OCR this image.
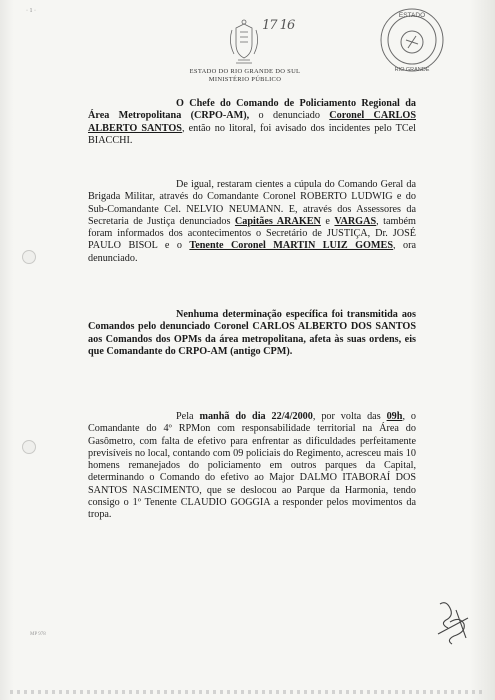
· 1 ·
17 16
ESTADO
RIO GRANDE
ESTADO DO RIO GRANDE DO SUL
MINISTÉRIO PÚBLICO

O Chefe do Comando de Policiamento Regional da Área Metropolitana (CRPO-AM), o denunciado Coronel CARLOS ALBERTO SANTOS, então no litoral, foi avisado dos incidentes pelo TCel BIACCHI.

De igual, restaram cientes a cúpula do Comando Geral da Brigada Militar, através do Comandante Coronel ROBERTO LUDWIG e do Sub-Comandante Cel. NELVIO NEUMANN. E, através dos Assessores da Secretaria de Justiça denunciados Capitães ARAKEN e VARGAS, também foram informados dos acontecimentos o Secretário de JUSTIÇA, Dr. JOSÉ PAULO BISOL e o Tenente Coronel MARTIN LUIZ GOMES, ora denunciado.

Nenhuma determinação específica foi transmitida aos Comandos pelo denunciado Coronel CARLOS ALBERTO DOS SANTOS aos Comandos dos OPMs da área metropolitana, afeta às suas ordens, eis que Comandante do CRPO-AM (antigo CPM).

Pela manhã do dia 22/4/2000, por volta das 09h, o Comandante do 4º RPMon com responsabilidade territorial na Área do Gasômetro, com falta de efetivo para enfrentar as dificuldades perfeitamente previsíveis no local, contando com 09 policiais do Regimento, acresceu mais 10 homens remanejados do policiamento em outros parques da Capital, determinando o Comando do efetivo ao Major DALMO ITABORAÍ DOS SANTOS NASCIMENTO, que se deslocou ao Parque da Harmonia, tendo consigo o 1º Tenente CLAUDIO GOGGIA a responder pelos movimentos da tropa.

MP 978
